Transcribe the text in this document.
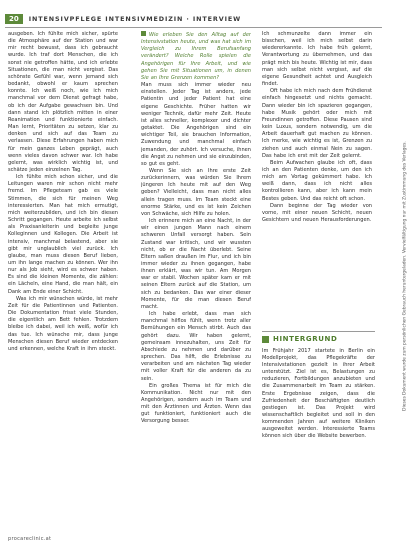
20	INTENSIVPFLEGE INTENSIVMEDIZIN · INTERVIEW

ausgeben. Ich fühlte mich sicher, spürte die Atmosphäre auf der Station und war mir recht bewusst, dass ich gebraucht wurde. Ich traf dort Menschen, die ich sonst nie getroffen hätte, und ich erlebte Situationen, die man nicht vergisst. Das schönste Gefühl war, wenn jemand sich bedankt, obwohl er kaum sprechen konnte. Ich weiß noch, wie ich mich manchmal vor dem Dienst gefragt habe, ob ich der Aufgabe gewachsen bin. Und dann stand ich plötzlich mitten in einer Reanimation und funktionierte einfach. Man lernt, Prioritäten zu setzen, klar zu denken und sich auf das Team zu verlassen. Diese Erfahrungen haben mich für mein ganzes Leben geprägt, auch wenn vieles davon schwer war. Ich habe gelernt, was wirklich wichtig ist, und schätze jeden einzelnen Tag.

Ich fühlte mich schon sicher, und die Leitungen waren mir schon nicht mehr fremd. Im Pflegeteam gab es viele Stimmen, die sich für meinen Weg interessierten. Man hat mich ermutigt, mich weiterzubilden, und ich bin diesen Schritt gegangen. Heute arbeite ich selbst als Praxisanleiterin und begleite junge Kolleginnen und Kollegen. Die Arbeit ist intensiv, manchmal belastend, aber sie gibt mir unglaublich viel zurück. Ich glaube, man muss diesen Beruf lieben, um ihn lange machen zu können. Wer ihn nur als Job sieht, wird es schwer haben. Es sind die kleinen Momente, die zählen: ein Lächeln, eine Hand, die man hält, ein Dank am Ende einer Schicht.

Was ich mir wünschen würde, ist mehr Zeit für die Patientinnen und Patienten. Die Dokumentation frisst viele Stunden, die eigentlich am Bett fehlen. Trotzdem bleibe ich dabei, weil ich weiß, wofür ich das tue. Ich wünsche mir, dass junge Menschen diesen Beruf wieder entdecken und erkennen, welche Kraft in ihm steckt.

Wie erleben Sie den Alltag auf der Intensivstation heute, und was hat sich im Vergleich zu Ihrem Berufsanfang verändert? Welche Rolle spielen die Angehörigen für Ihre Arbeit, und wie gehen Sie mit Situationen um, in denen Sie an Ihre Grenzen kommen?

Man muss sich immer wieder neu einstellen. Jeder Tag ist anders, jede Patientin und jeder Patient hat eine eigene Geschichte. Früher hatten wir weniger Technik, dafür mehr Zeit. Heute ist alles schneller, komplexer und dichter getaktet. Die Angehörigen sind ein wichtiger Teil, sie brauchen Information, Zuwendung und manchmal einfach jemanden, der zuhört. Ich versuche, ihnen die Angst zu nehmen und sie einzubinden, so gut es geht.

Wenn Sie sich an Ihre erste Zeit zurückerinnern, was würden Sie Ihrem jüngeren Ich heute mit auf den Weg geben? Vielleicht, dass man nicht alles allein tragen muss. Im Team steckt eine enorme Stärke, und es ist kein Zeichen von Schwäche, sich Hilfe zu holen.

Ich erinnere mich an eine Nacht, in der wir einen jungen Mann nach einem schweren Unfall versorgt haben. Sein Zustand war kritisch, und wir wussten nicht, ob er die Nacht überlebt. Seine Eltern saßen draußen im Flur, und ich bin immer wieder zu ihnen gegangen, habe ihnen erklärt, was wir tun. Am Morgen war er stabil. Wochen später kam er mit seinen Eltern zurück auf die Station, um sich zu bedanken. Das war einer dieser Momente, für die man diesen Beruf macht.

Ich habe erlebt, dass man sich manchmal hilflos fühlt, wenn trotz aller Bemühungen ein Mensch stirbt. Auch das gehört dazu. Wir haben gelernt, gemeinsam innezuhalten, uns Zeit für Abschiede zu nehmen und darüber zu sprechen. Das hilft, die Erlebnisse zu verarbeiten und am nächsten Tag wieder mit voller Kraft für die anderen da zu sein.

Ein großes Thema ist für mich die Kommunikation. Nicht nur mit den Angehörigen, sondern auch im Team und mit den Ärztinnen und Ärzten. Wenn das gut funktioniert, funktioniert auch die Versorgung besser.

Ich schmunzelte dann immer ein bisschen, weil ich mich selbst darin wiedererkannte. Ich habe früh gelernt, Verantwortung zu übernehmen, und das prägt mich bis heute. Wichtig ist mir, dass man sich selbst nicht vergisst, auf die eigene Gesundheit achtet und Ausgleich findet.

Oft habe ich mich nach dem Frühdienst einfach hingesetzt und nichts gemacht. Dann wieder bin ich spazieren gegangen, habe Musik gehört oder mich mit Freundinnen getroffen. Diese Pausen sind kein Luxus, sondern notwendig, um die Arbeit dauerhaft gut machen zu können. Ich merke, wie wichtig es ist, Grenzen zu ziehen und auch einmal Nein zu sagen. Das habe ich erst mit der Zeit gelernt.

Beim Aufwachen glaube ich oft, dass ich an den Patienten denke, um den ich mich am Vortag gekümmert habe. Ich weiß dann, dass ich nicht alles kontrollieren kann, aber ich kann mein Bestes geben. Und das reicht oft schon.

Dann beginne der Tag wieder von vorne, mit einer neuen Schicht, neuen Gesichtern und neuen Herausforderungen.

HINTERGRUND
Im Frühjahr 2017 startete in Berlin ein Modellprojekt, das Pflegekräfte der Intensivstationen gezielt in ihrer Arbeit unterstützt. Ziel ist es, Belastungen zu reduzieren, Fortbildungen anzubieten und die Zusammenarbeit im Team zu stärken. Erste Ergebnisse zeigen, dass die Zufriedenheit der Beschäftigten deutlich gestiegen ist. Das Projekt wird wissenschaftlich begleitet und soll in den kommenden Jahren auf weitere Kliniken ausgeweitet werden. Interessierte Teams können sich über die Website bewerben.
procareclinic.at
Dieses Dokument wurde zum persönlichen Gebrauch heruntergeladen. Vervielfältigung nur mit Zustimmung des Verlages.
